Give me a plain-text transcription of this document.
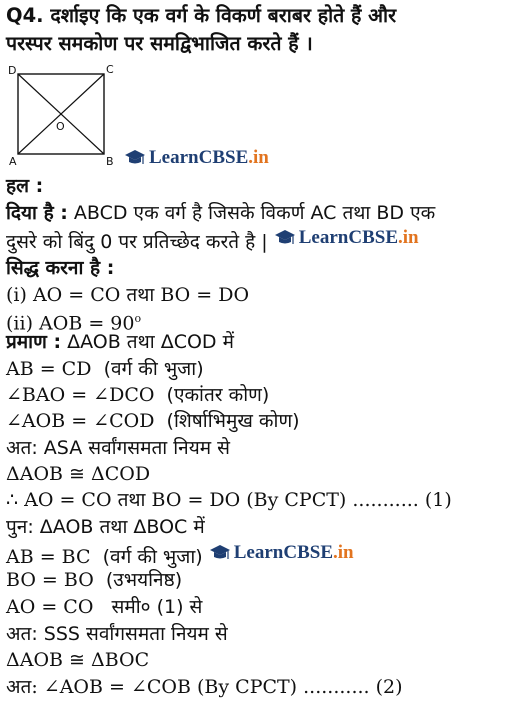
Q4. दर्शाइए कि एक वर्ग के विकर्ण बराबर होते हैं और
परस्पर समकोण पर समद्विभाजित करते हैं ।
D	C
O
A	B LearnCBSE .in
हल :
दिया है : ABCD एक वर्ग है जिसके विकर्ण AC तथा BD एक
दुसरे को बिंदु 0 पर प्रतिच्छेद करते है | LearnCBSE .in
सिद्ध करना है :
(i) AO = CO तथा BO = DO
(ii) AOB = $90^o$
प्रमाण : ΔAOB तथा ΔCOD में
AB = CD (वर्ग की भुजा)
∠BAO = ∠DCO (एकांतर कोण)
∠AOB = ∠COD (शिर्षाभिमुख कोण)
अत: ASA सर्वांगसमता नियम से
ΔAOB ≅ ΔCOD
∴ AO = CO तथा BO = DO (By CPCT) ........... (1)
पुन: ΔAOB तथा ΔBOC में
AB = BC (वर्ग की भुजा) LearnCBSE .in
BO = BO (उभयनिष्ठ)
AO = CO समी० (1) से
अत: SSS सर्वांगसमता नियम से
ΔAOB ≅ ΔBOC
अत: ∠AOB = ∠COB (By CPCT) ........... (2)
